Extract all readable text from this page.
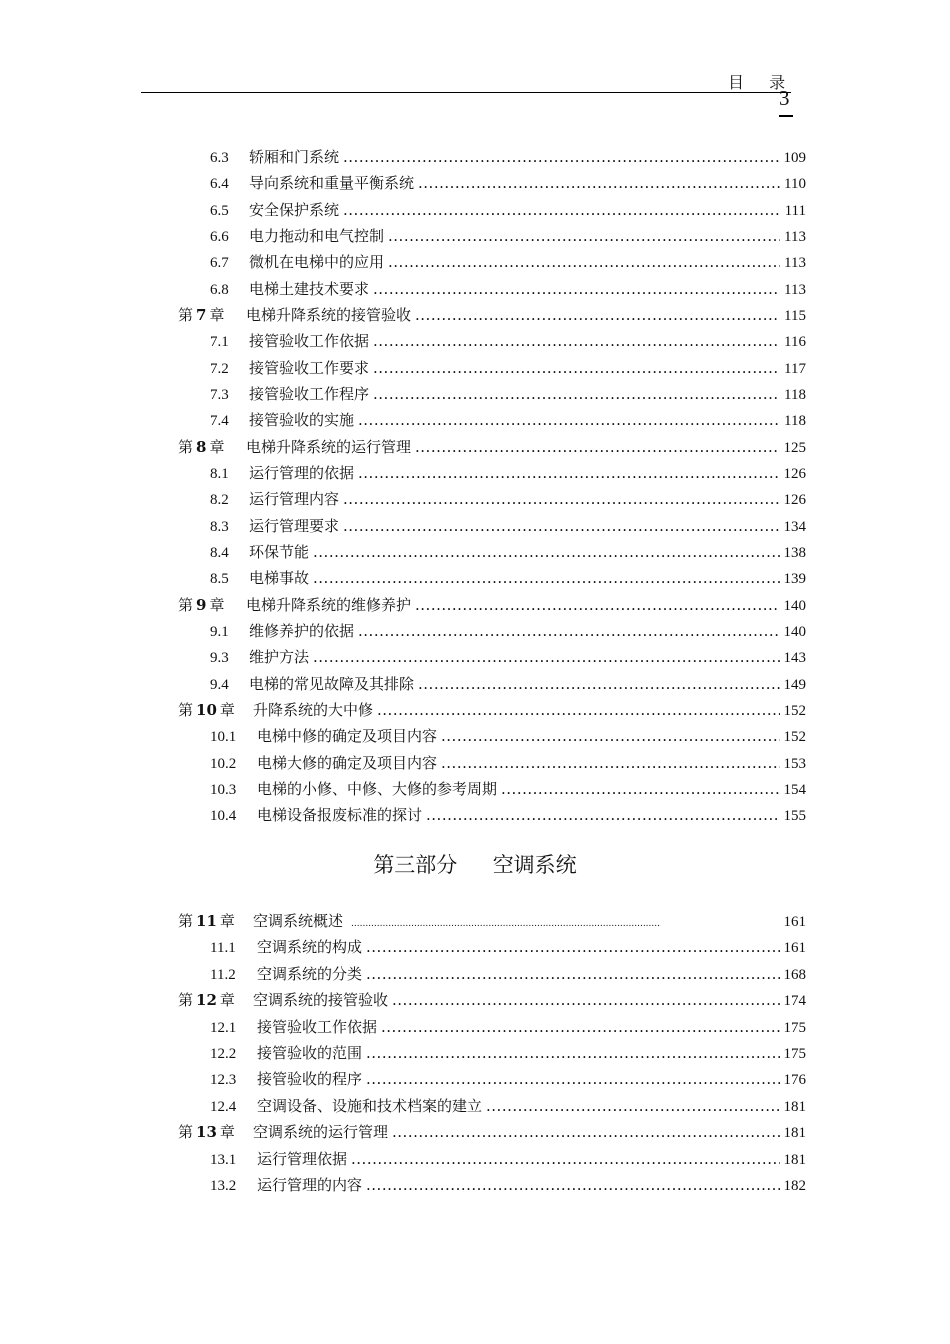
目 录
3
6.3	轿厢和门系统 .....	109
6.4	导向系统和重量平衡系统 .....	110
6.5	安全保护系统 .....	111
6.6	电力拖动和电气控制 .....	113
6.7	微机在电梯中的应用 .....	113
6.8	电梯土建技术要求 .....	113
第 7 章	电梯升降系统的接管验收 .....	115
7.1	接管验收工作依据 .....	116
7.2	接管验收工作要求 .....	117
7.3	接管验收工作程序 .....	118
7.4	接管验收的实施 .....	118
第 8 章	电梯升降系统的运行管理 .....	125
8.1	运行管理的依据 .....	126
8.2	运行管理内容 .....	126
8.3	运行管理要求 .....	134
8.4	环保节能 .....	138
8.5	电梯事故 .....	139
第 9 章	电梯升降系统的维修养护 .....	140
9.1	维修养护的依据 .....	140
9.3	维护方法 .....	143
9.4	电梯的常见故障及其排除 .....	149
第 10 章	升降系统的大中修 .....	152
10.1	电梯中修的确定及项目内容 .....	152
10.2	电梯大修的确定及项目内容 .....	153
10.3	电梯的小修、中修、大修的参考周期 .....	154
10.4	电梯设备报废标准的探讨 .....	155
第三部分 空调系统
第 11 章	空调系统概述 .....	161
11.1	空调系统的构成 .....	161
11.2	空调系统的分类 .....	168
第 12 章	空调系统的接管验收 .....	174
12.1	接管验收工作依据 .....	175
12.2	接管验收的范围 .....	175
12.3	接管验收的程序 .....	176
12.4	空调设备、设施和技术档案的建立 .....	181
第 13 章	空调系统的运行管理 .....	181
13.1	运行管理依据 .....	181
13.2	运行管理的内容 .....	182
